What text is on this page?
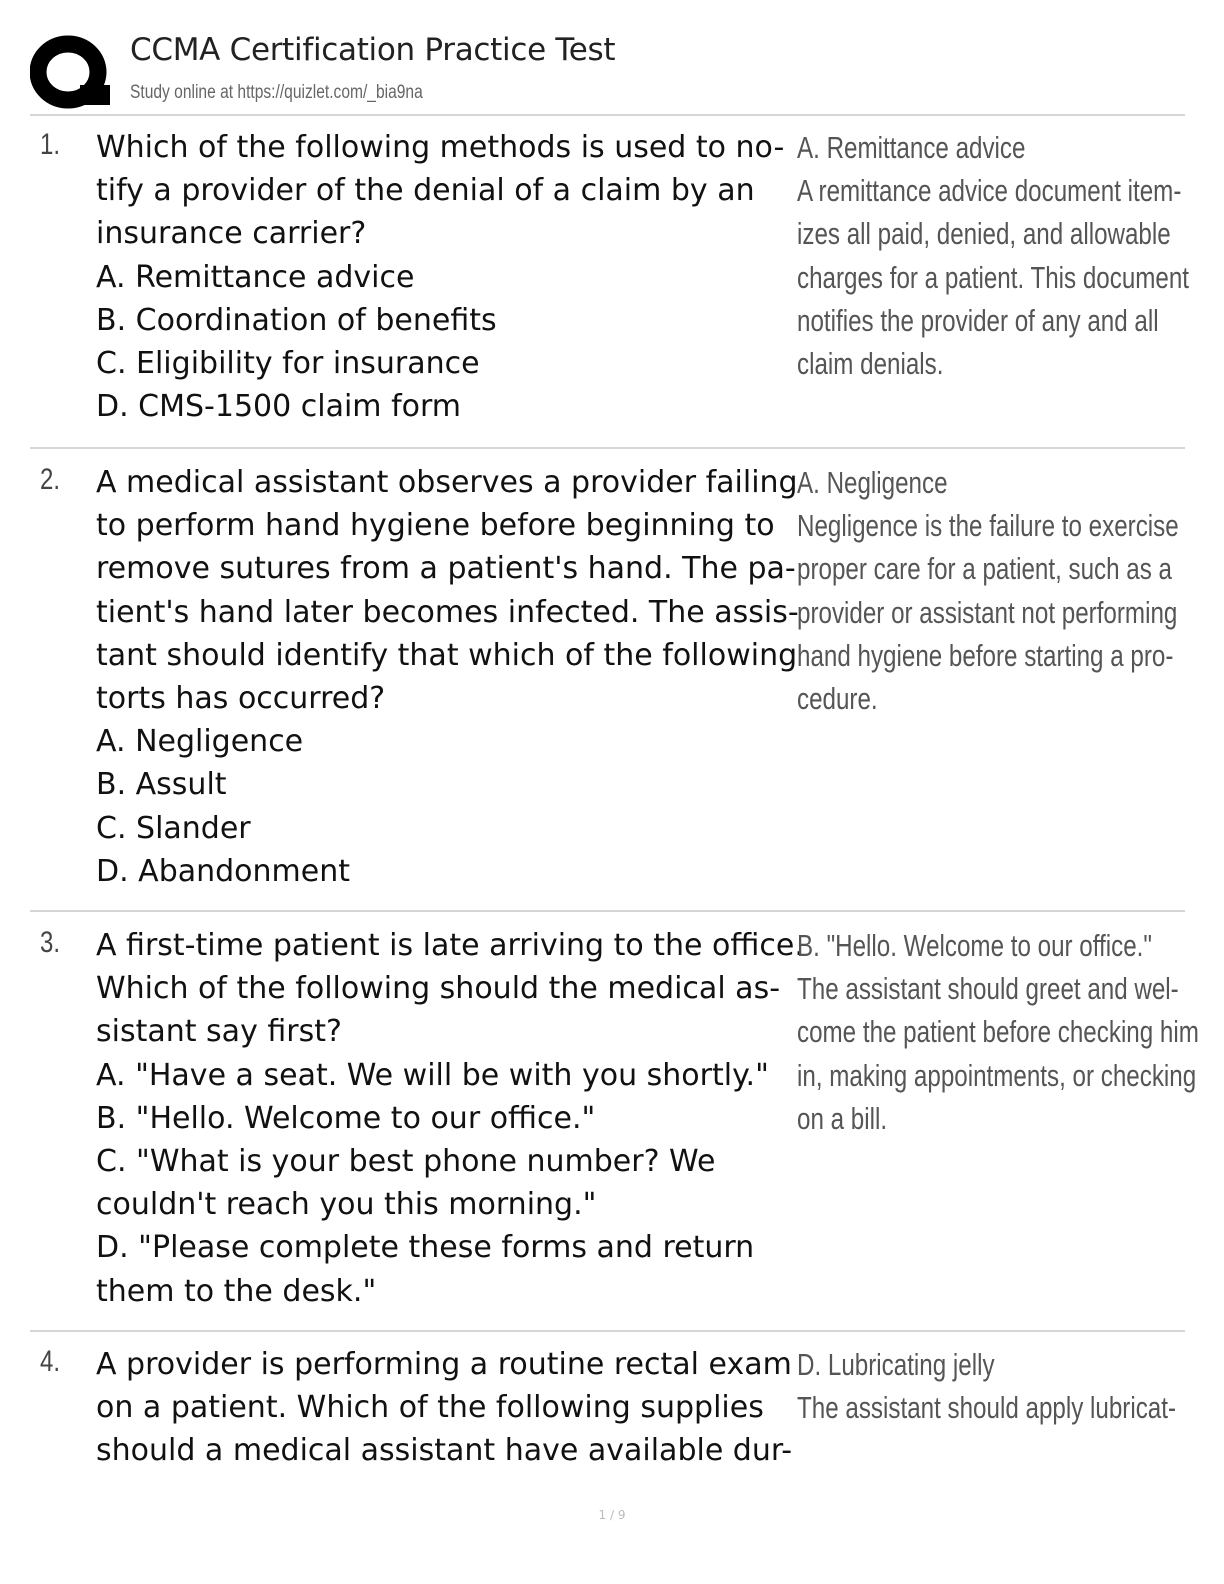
CCMA Certification Practice Test
Study online at https://quizlet.com/_bia9na
1. Which of the following methods is used to no-
tify a provider of the denial of a claim by an
insurance carrier?
A. Remittance advice
B. Coordination of benefits
C. Eligibility for insurance
D. CMS-1500 claim form
A. Remittance advice
A remittance advice document item-
izes all paid, denied, and allowable
charges for a patient. This document
notifies the provider of any and all
claim denials.
2. A medical assistant observes a provider failing
to perform hand hygiene before beginning to
remove sutures from a patient's hand. The pa-
tient's hand later becomes infected. The assis-
tant should identify that which of the following
torts has occurred?
A. Negligence
B. Assult
C. Slander
D. Abandonment
A. Negligence
Negligence is the failure to exercise
proper care for a patient, such as a
provider or assistant not performing
hand hygiene before starting a pro-
cedure.
3. A first-time patient is late arriving to the office.
Which of the following should the medical as-
sistant say first?
A. "Have a seat. We will be with you shortly."
B. "Hello. Welcome to our office."
C. "What is your best phone number? We
couldn't reach you this morning."
D. "Please complete these forms and return
them to the desk."
B. "Hello. Welcome to our office."
The assistant should greet and wel-
come the patient before checking him
in, making appointments, or checking
on a bill.
4. A provider is performing a routine rectal exam
on a patient. Which of the following supplies
should a medical assistant have available dur-
D. Lubricating jelly
The assistant should apply lubricat-
1 / 9
